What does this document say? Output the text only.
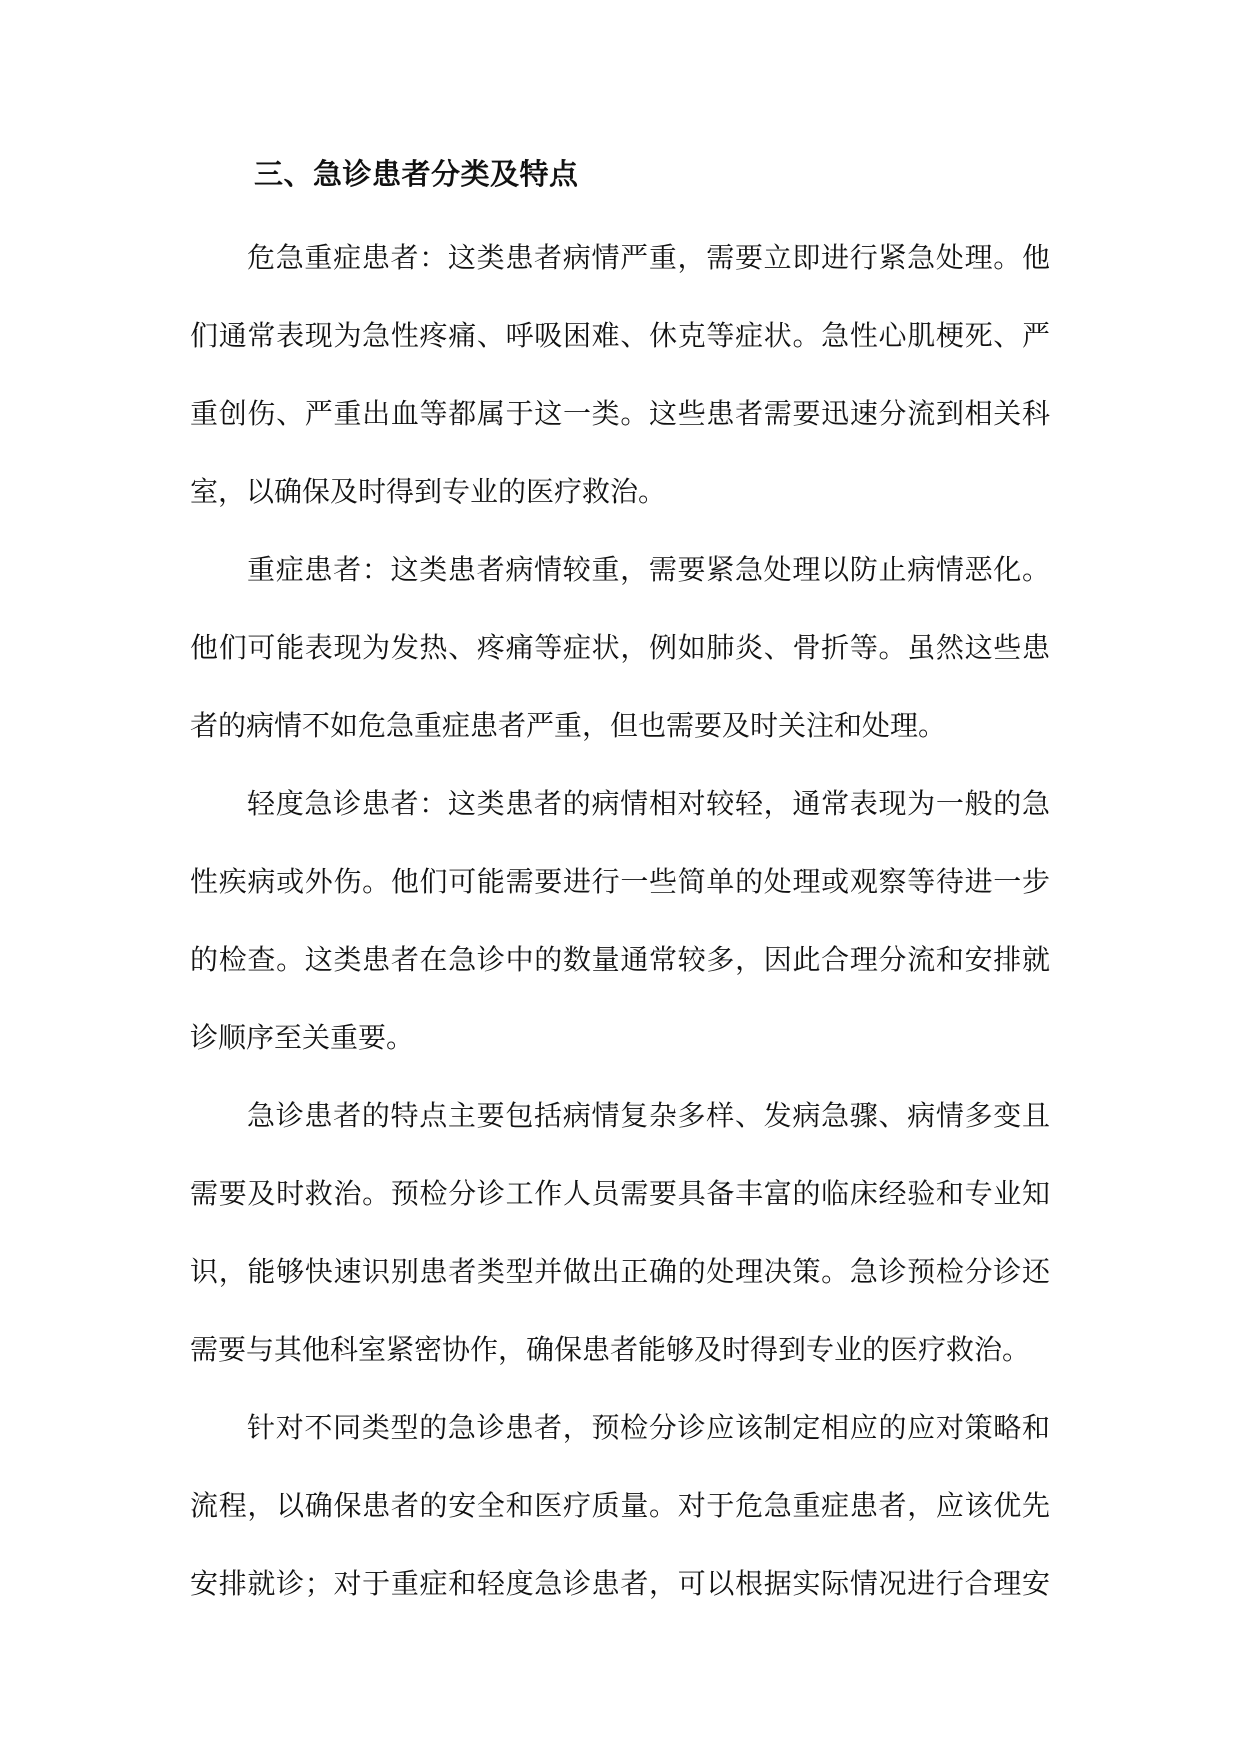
三、急诊患者分类及特点
危急重症患者：这类患者病情严重，需要立即进行紧急处理。他
们通常表现为急性疼痛、呼吸困难、休克等症状。急性心肌梗死、严
重创伤、严重出血等都属于这一类。这些患者需要迅速分流到相关科
室，以确保及时得到专业的医疗救治。
重症患者：这类患者病情较重，需要紧急处理以防止病情恶化。
他们可能表现为发热、疼痛等症状，例如肺炎、骨折等。虽然这些患
者的病情不如危急重症患者严重，但也需要及时关注和处理。
轻度急诊患者：这类患者的病情相对较轻，通常表现为一般的急
性疾病或外伤。他们可能需要进行一些简单的处理或观察等待进一步
的检查。这类患者在急诊中的数量通常较多，因此合理分流和安排就
诊顺序至关重要。
急诊患者的特点主要包括病情复杂多样、发病急骤、病情多变且
需要及时救治。预检分诊工作人员需要具备丰富的临床经验和专业知
识，能够快速识别患者类型并做出正确的处理决策。急诊预检分诊还
需要与其他科室紧密协作，确保患者能够及时得到专业的医疗救治。
针对不同类型的急诊患者，预检分诊应该制定相应的应对策略和
流程，以确保患者的安全和医疗质量。对于危急重症患者，应该优先
安排就诊；对于重症和轻度急诊患者，可以根据实际情况进行合理安
